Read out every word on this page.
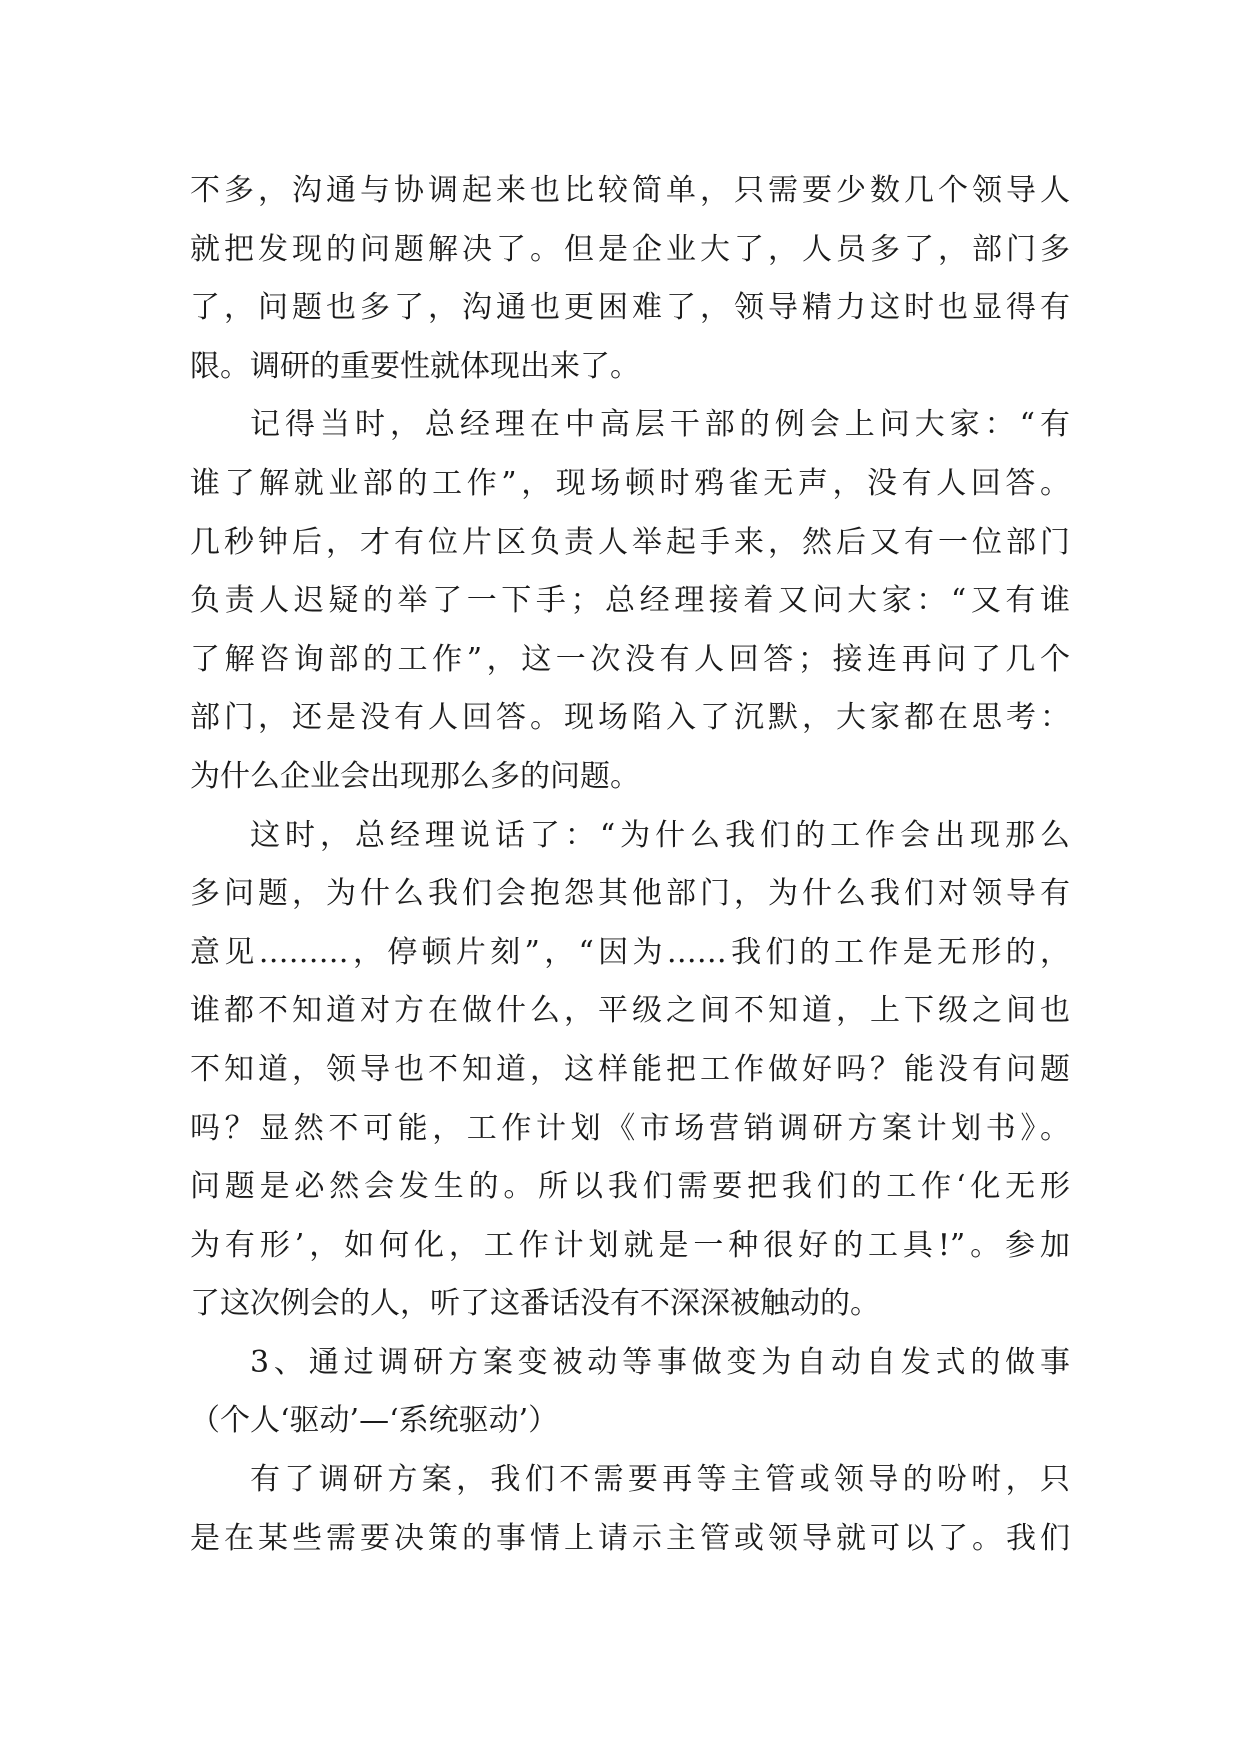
不多，沟通与协调起来也比较简单，只需要少数几个领导人
就把发现的问题解决了。但是企业大了，人员多了，部门多
了，问题也多了，沟通也更困难了，领导精力这时也显得有
限。调研的重要性就体现出来了。
记得当时，总经理在中高层干部的例会上问大家：“有
谁了解就业部的工作”，现场顿时鸦雀无声，没有人回答。
几秒钟后，才有位片区负责人举起手来，然后又有一位部门
负责人迟疑的举了一下手；总经理接着又问大家：“又有谁
了解咨询部的工作”，这一次没有人回答；接连再问了几个
部门，还是没有人回答。现场陷入了沉默，大家都在思考：
为什么企业会出现那么多的问题。
这时，总经理说话了：“为什么我们的工作会出现那么
多问题，为什么我们会抱怨其他部门，为什么我们对领导有
意见………，停顿片刻”，“因为……我们的工作是无形的，
谁都不知道对方在做什么，平级之间不知道，上下级之间也
不知道，领导也不知道，这样能把工作做好吗？能没有问题
吗？显然不可能，工作计划《市场营销调研方案计划书》。
问题是必然会发生的。所以我们需要把我们的工作‘化无形
为有形’，如何化，工作计划就是一种很好的工具!”。参加
了这次例会的人，听了这番话没有不深深被触动的。
3、通过调研方案变被动等事做变为自动自发式的做事
（个人‘驱动’—‘系统驱动’）
有了调研方案，我们不需要再等主管或领导的吩咐，只
是在某些需要决策的事情上请示主管或领导就可以了。我们
